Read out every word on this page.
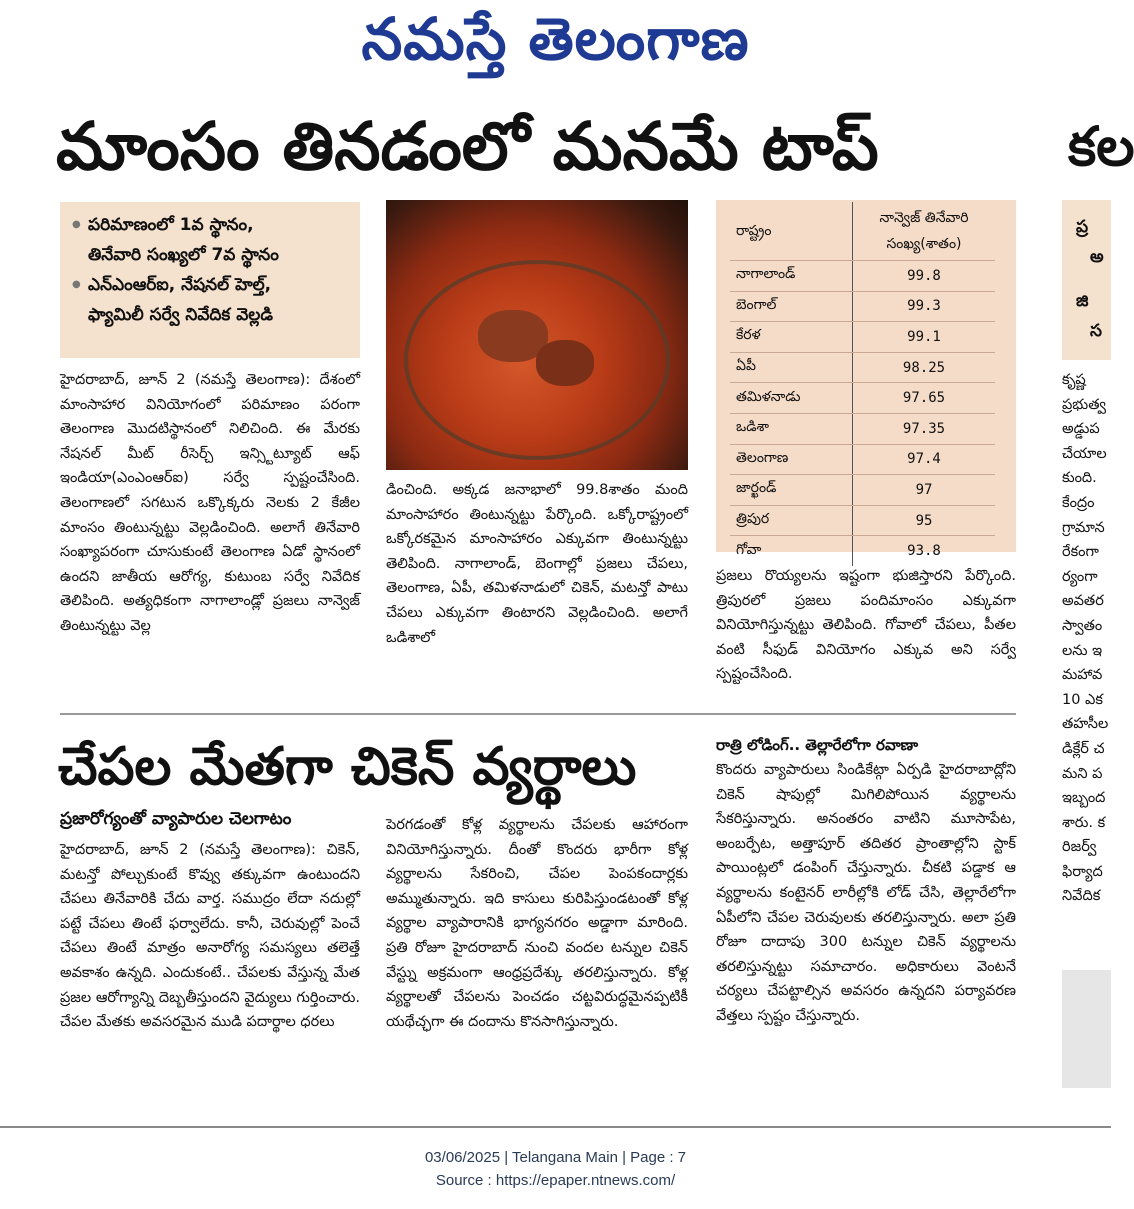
నమస్తే తెలంగాణ
మాంసం తినడంలో మనమే టాప్	కల
● పరిమాణంలో 1వ స్థానం,
తినేవారి సంఖ్యలో 7వ స్థానం
● ఎన్ఎంఆర్ఐ, నేషనల్ హెల్త్,
ఫ్యామిలీ సర్వే నివేదిక వెల్లడి
హైదరాబాద్, జూన్ 2 (నమస్తే తెలంగాణ): దేశంలో మాంసాహార వినియోగంలో పరిమాణం పరంగా తెలంగాణ మొదటిస్థానంలో నిలిచింది. ఈ మేరకు నేషనల్ మీట్ రీసెర్చ్ ఇన్స్టిట్యూట్ ఆఫ్ ఇండియా(ఎంఎంఆర్ఐ) సర్వే స్పష్టంచేసింది. తెలంగాణలో సగటున ఒక్కొక్కరు నెలకు 2 కేజీల మాంసం తింటున్నట్టు వెల్లడించింది. అలాగే తినేవారి సంఖ్యాపరంగా చూసుకుంటే తెలంగాణ ఏడో స్థానంలో ఉందని జాతీయ ఆరోగ్య, కుటుంబ సర్వే నివేదిక తెలిపింది. అత్యధికంగా నాగాలాండ్లో ప్రజలు నాన్వెజ్ తింటున్నట్టు వెల్ల
డించింది. అక్కడ జనాభాలో 99.8శాతం మంది మాంసాహారం తింటున్నట్టు పేర్కొంది. ఒక్కోరాష్ట్రంలో ఒక్కోరకమైన మాంసాహారం ఎక్కువగా తింటున్నట్టు తెలిపింది. నాగాలాండ్, బెంగాల్లో ప్రజలు చేపలు, తెలంగాణ, ఏపీ, తమిళనాడులో చికెన్, మటన్తో పాటు చేపలు ఎక్కువగా తింటారని వెల్లడించింది. అలాగే ఒడిశాలో
రాష్ట్రం	నాన్వెజ్ తినేవారి
సంఖ్య(శాతం)

నాగాలాండ్	99.8
బెంగాల్	99.3
కేరళ	99.1
ఏపీ	98.25
తమిళనాడు	97.65
ఒడిశా	97.35
తెలంగాణ	97.4
జార్ఖండ్	97
త్రిపుర	95
గోవా	93.8
ప్రజలు రొయ్యలను ఇష్టంగా భుజిస్తారని పేర్కొంది. త్రిపురలో ప్రజలు పందిమాంసం ఎక్కువగా వినియోగిస్తున్నట్టు తెలిపింది. గోవాలో చేపలు, పీతల వంటి సీఫుడ్ వినియోగం ఎక్కువ అని సర్వే స్పష్టంచేసింది.
చేపల మేతగా చికెన్ వ్యర్థాలు
ప్రజారోగ్యంతో వ్యాపారుల చెలగాటం
రాత్రి లోడింగ్.. తెల్లారేలోగా రవాణా
హైదరాబాద్, జూన్ 2 (నమస్తే తెలంగాణ): చికెన్, మటన్తో పోల్చుకుంటే కొవ్వు తక్కువగా ఉంటుందని చేపలు తినేవారికి చేదు వార్త. సముద్రం లేదా నదుల్లో పట్టే చేపలు తింటే ఫర్వాలేదు. కానీ, చెరువుల్లో పెంచే చేపలు తింటే మాత్రం అనారోగ్య సమస్యలు తలెత్తే అవకాశం ఉన్నది. ఎందుకంటే.. చేపలకు వేస్తున్న మేత ప్రజల ఆరోగ్యాన్ని దెబ్బతీస్తుందని వైద్యులు గుర్తించారు. చేపల మేతకు అవసరమైన ముడి పదార్థాల ధరలు
పెరగడంతో కోళ్ల వ్యర్థాలను చేపలకు ఆహారంగా వినియోగిస్తున్నారు. దీంతో కొందరు భారీగా కోళ్ల వ్యర్థాలను సేకరించి, చేపల పెంపకందార్లకు అమ్ముతున్నారు. ఇది కాసులు కురిపిస్తుండటంతో కోళ్ల వ్యర్థాల వ్యాపారానికి భాగ్యనగరం అడ్డాగా మారింది. ప్రతి రోజూ హైదరాబాద్ నుంచి వందల టన్నుల చికెన్ వేస్ట్ను అక్రమంగా ఆంధ్రప్రదేశ్కు తరలిస్తున్నారు. కోళ్ల వ్యర్థాలతో చేపలను పెంచడం చట్టవిరుద్ధమైనప్పటికీ యథేచ్ఛగా ఈ దందాను కొనసాగిస్తున్నారు.
కొందరు వ్యాపారులు సిండికేట్గా ఏర్పడి హైదరాబాద్లోని చికెన్ షాపుల్లో మిగిలిపోయిన వ్యర్థాలను సేకరిస్తున్నారు. అనంతరం వాటిని మూసాపేట, అంబర్పేట, అత్తాపూర్ తదితర ప్రాంతాల్లోని స్టాక్ పాయింట్లలో డంపింగ్ చేస్తున్నారు. చీకటి పడ్డాక ఆ వ్యర్థాలను కంటైనర్ లారీల్లోకి లోడ్ చేసి, తెల్లారేలోగా ఏపీలోని చేపల చెరువులకు తరలిస్తున్నారు. అలా ప్రతి రోజూ దాదాపు 300 టన్నుల చికెన్ వ్యర్థాలను తరలిస్తున్నట్టు సమాచారం. అధికారులు వెంటనే చర్యలు చేపట్టాల్సిన అవసరం ఉన్నదని పర్యావరణ వేత్తలు స్పష్టం చేస్తున్నారు.
ప్ర
అ
జి
స
కృష్ణ
ప్రభుత్వ
అడ్డుప
చేయాల
కుంది.
కేంద్రం
గ్రామాన
రేకంగా
ర్యంగా
అవతర
స్వాతం
లను ఇ
మహావ
10 ఎక
తహసీల
డిక్లేర్ చ
మని ప
ఇబ్బంద
శారు. క
రిజర్వ్
ఫిర్యాద
నివేదిక
03/06/2025 | Telangana Main | Page : 7
Source : https://epaper.ntnews.com/
